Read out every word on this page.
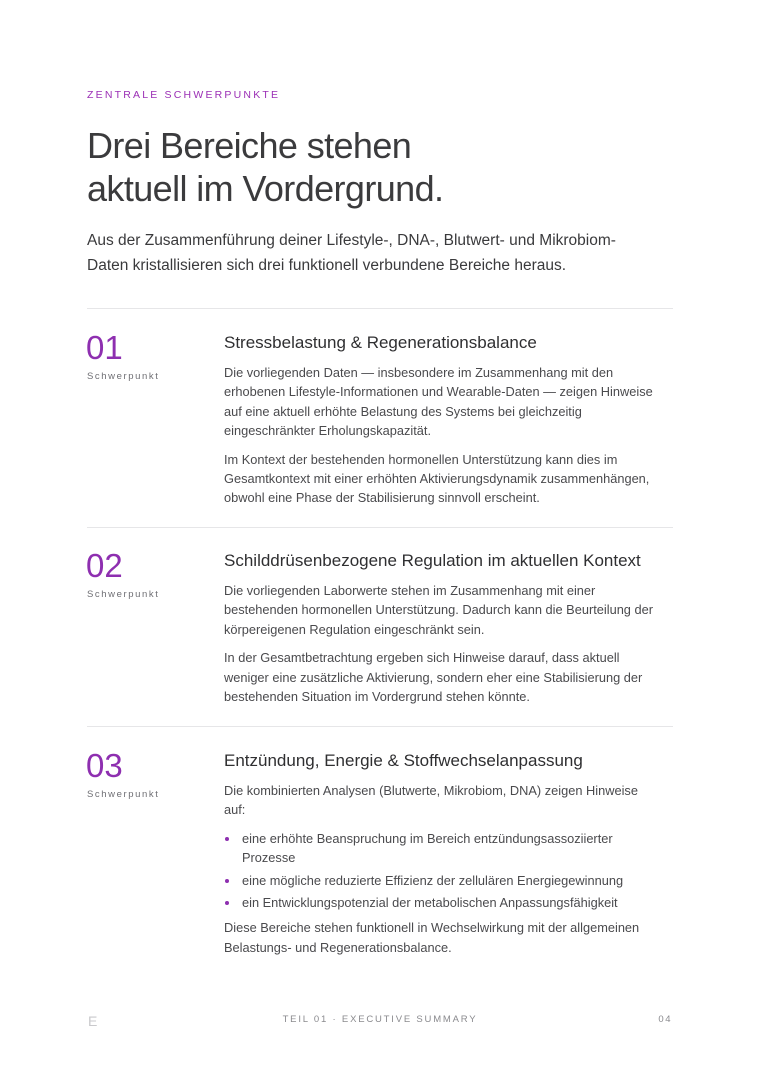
ZENTRALE SCHWERPUNKTE
Drei Bereiche stehen
aktuell im Vordergrund.
Aus der Zusammenführung deiner Lifestyle-, DNA-, Blutwert- und Mikrobiom-
Daten kristallisieren sich drei funktionell verbundene Bereiche heraus.
01
Schwerpunkt
Stressbelastung & Regenerationsbalance

Die vorliegenden Daten — insbesondere im Zusammenhang mit den
erhobenen Lifestyle-Informationen und Wearable-Daten — zeigen Hinweise
auf eine aktuell erhöhte Belastung des Systems bei gleichzeitig
eingeschränkter Erholungskapazität.

Im Kontext der bestehenden hormonellen Unterstützung kann dies im
Gesamtkontext mit einer erhöhten Aktivierungsdynamik zusammenhängen,
obwohl eine Phase der Stabilisierung sinnvoll erscheint.

02
Schwerpunkt
Schilddrüsenbezogene Regulation im aktuellen Kontext

Die vorliegenden Laborwerte stehen im Zusammenhang mit einer
bestehenden hormonellen Unterstützung. Dadurch kann die Beurteilung der
körpereigenen Regulation eingeschränkt sein.

In der Gesamtbetrachtung ergeben sich Hinweise darauf, dass aktuell
weniger eine zusätzliche Aktivierung, sondern eher eine Stabilisierung der
bestehenden Situation im Vordergrund stehen könnte.

03
Schwerpunkt
Entzündung, Energie & Stoffwechselanpassung

Die kombinierten Analysen (Blutwerte, Mikrobiom, DNA) zeigen Hinweise
auf:

eine erhöhte Beanspruchung im Bereich entzündungsassoziierter
Prozesse
eine mögliche reduzierte Effizienz der zellulären Energiegewinnung
ein Entwicklungspotenzial der metabolischen Anpassungsfähigkeit

Diese Bereiche stehen funktionell in Wechselwirkung mit der allgemeinen
Belastungs- und Regenerationsbalance.

E	TEIL 01 · EXECUTIVE SUMMARY	04
